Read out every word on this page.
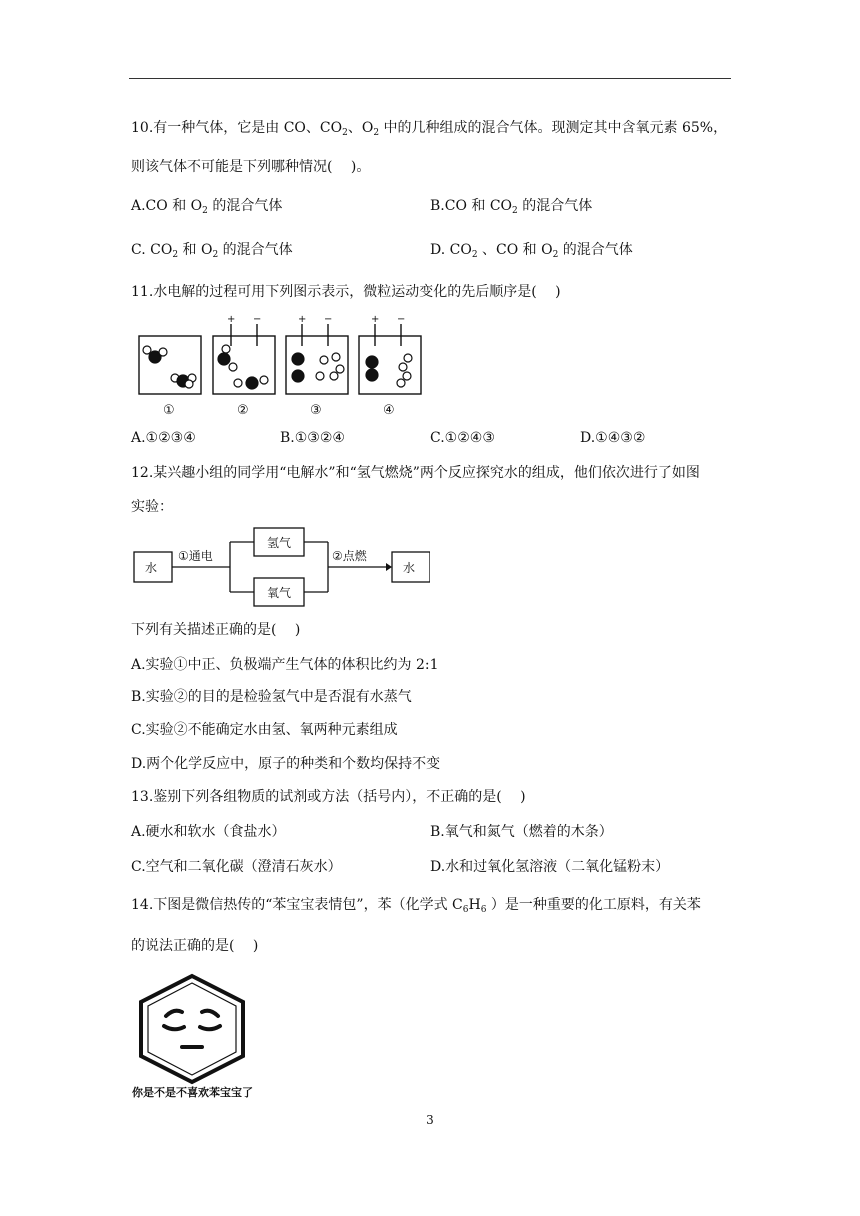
10.有一种气体，它是由 CO、$CO_2$、$O_2$ 中的几种组成的混合气体。现测定其中含氧元素 65%，
则该气体不可能是下列哪种情况(　 )。
A.CO 和 $O_2$ 的混合气体	B.CO 和 $CO_2$ 的混合气体
C. $CO_2$ 和 $O_2$ 的混合气体	D. $CO_2$ 、CO 和 $O_2$ 的混合气体
11.水电解的过程可用下列图示表示，微粒运动变化的先后顺序是(　 )
+ −	+ −	+ −
①	②	③	④
A.①②③④	B.①③②④	C.①②④③	D.①④③②
12.某兴趣小组的同学用“电解水”和“氢气燃烧”两个反应探究水的组成，他们依次进行了如图
实验：
水
①通电
氢气
氧气
②点燃
水
下列有关描述正确的是(　 )
A.实验①中正、负极端产生气体的体积比约为 2:1
B.实验②的目的是检验氢气中是否混有水蒸气
C.实验②不能确定水由氢、氧两种元素组成
D.两个化学反应中，原子的种类和个数均保持不变
13.鉴别下列各组物质的试剂或方法（括号内），不正确的是(　 )
A.硬水和软水（食盐水）	B.氧气和氮气（燃着的木条）
C.空气和二氧化碳（澄清石灰水）	D.水和过氧化氢溶液（二氧化锰粉末）
14.下图是微信热传的“苯宝宝表情包”，苯（化学式 $C_6H_6$ ）是一种重要的化工原料，有关苯
的说法正确的是(　 )
你是不是不喜欢苯宝宝了
3
